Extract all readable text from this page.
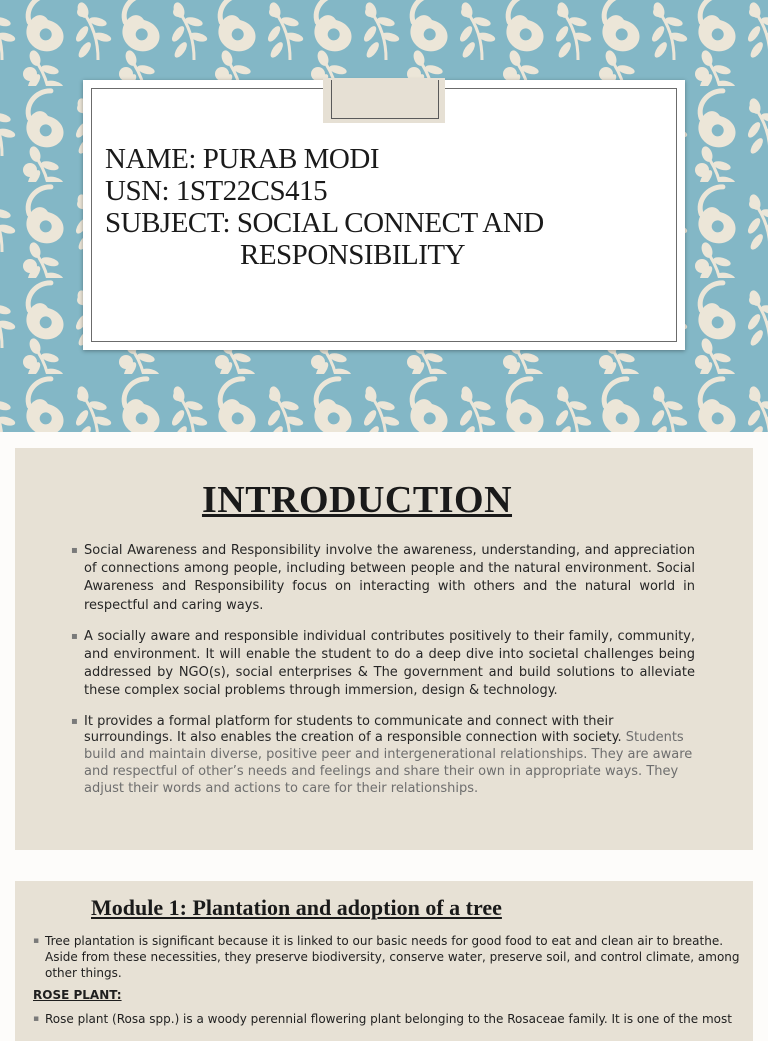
NAME: PURAB MODI
USN: 1ST22CS415
SUBJECT: SOCIAL CONNECT AND
RESPONSIBILITY
INTRODUCTION
▪ Social Awareness and Responsibility involve the awareness, understanding, and appreciation of connections among people, including between people and the natural environment. Social Awareness and Responsibility focus on interacting with others and the natural world in respectful and caring ways.
▪ A socially aware and responsible individual contributes positively to their family, community, and environment. It will enable the student to do a deep dive into societal challenges being addressed by NGO(s), social enterprises & The government and build solutions to alleviate these complex social problems through immersion, design & technology.
▪ It provides a formal platform for students to communicate and connect with their surroundings. It also enables the creation of a responsible connection with society. Students build and maintain diverse, positive peer and intergenerational relationships. They are aware and respectful of other’s needs and feelings and share their own in appropriate ways. They adjust their words and actions to care for their relationships.
Module 1: Plantation and adoption of a tree
▪ Tree plantation is significant because it is linked to our basic needs for good food to eat and clean air to breathe. Aside from these necessities, they preserve biodiversity, conserve water, preserve soil, and control climate, among other things.
ROSE PLANT:
▪ Rose plant (Rosa spp.) is a woody perennial flowering plant belonging to the Rosaceae family. It is one of the most
